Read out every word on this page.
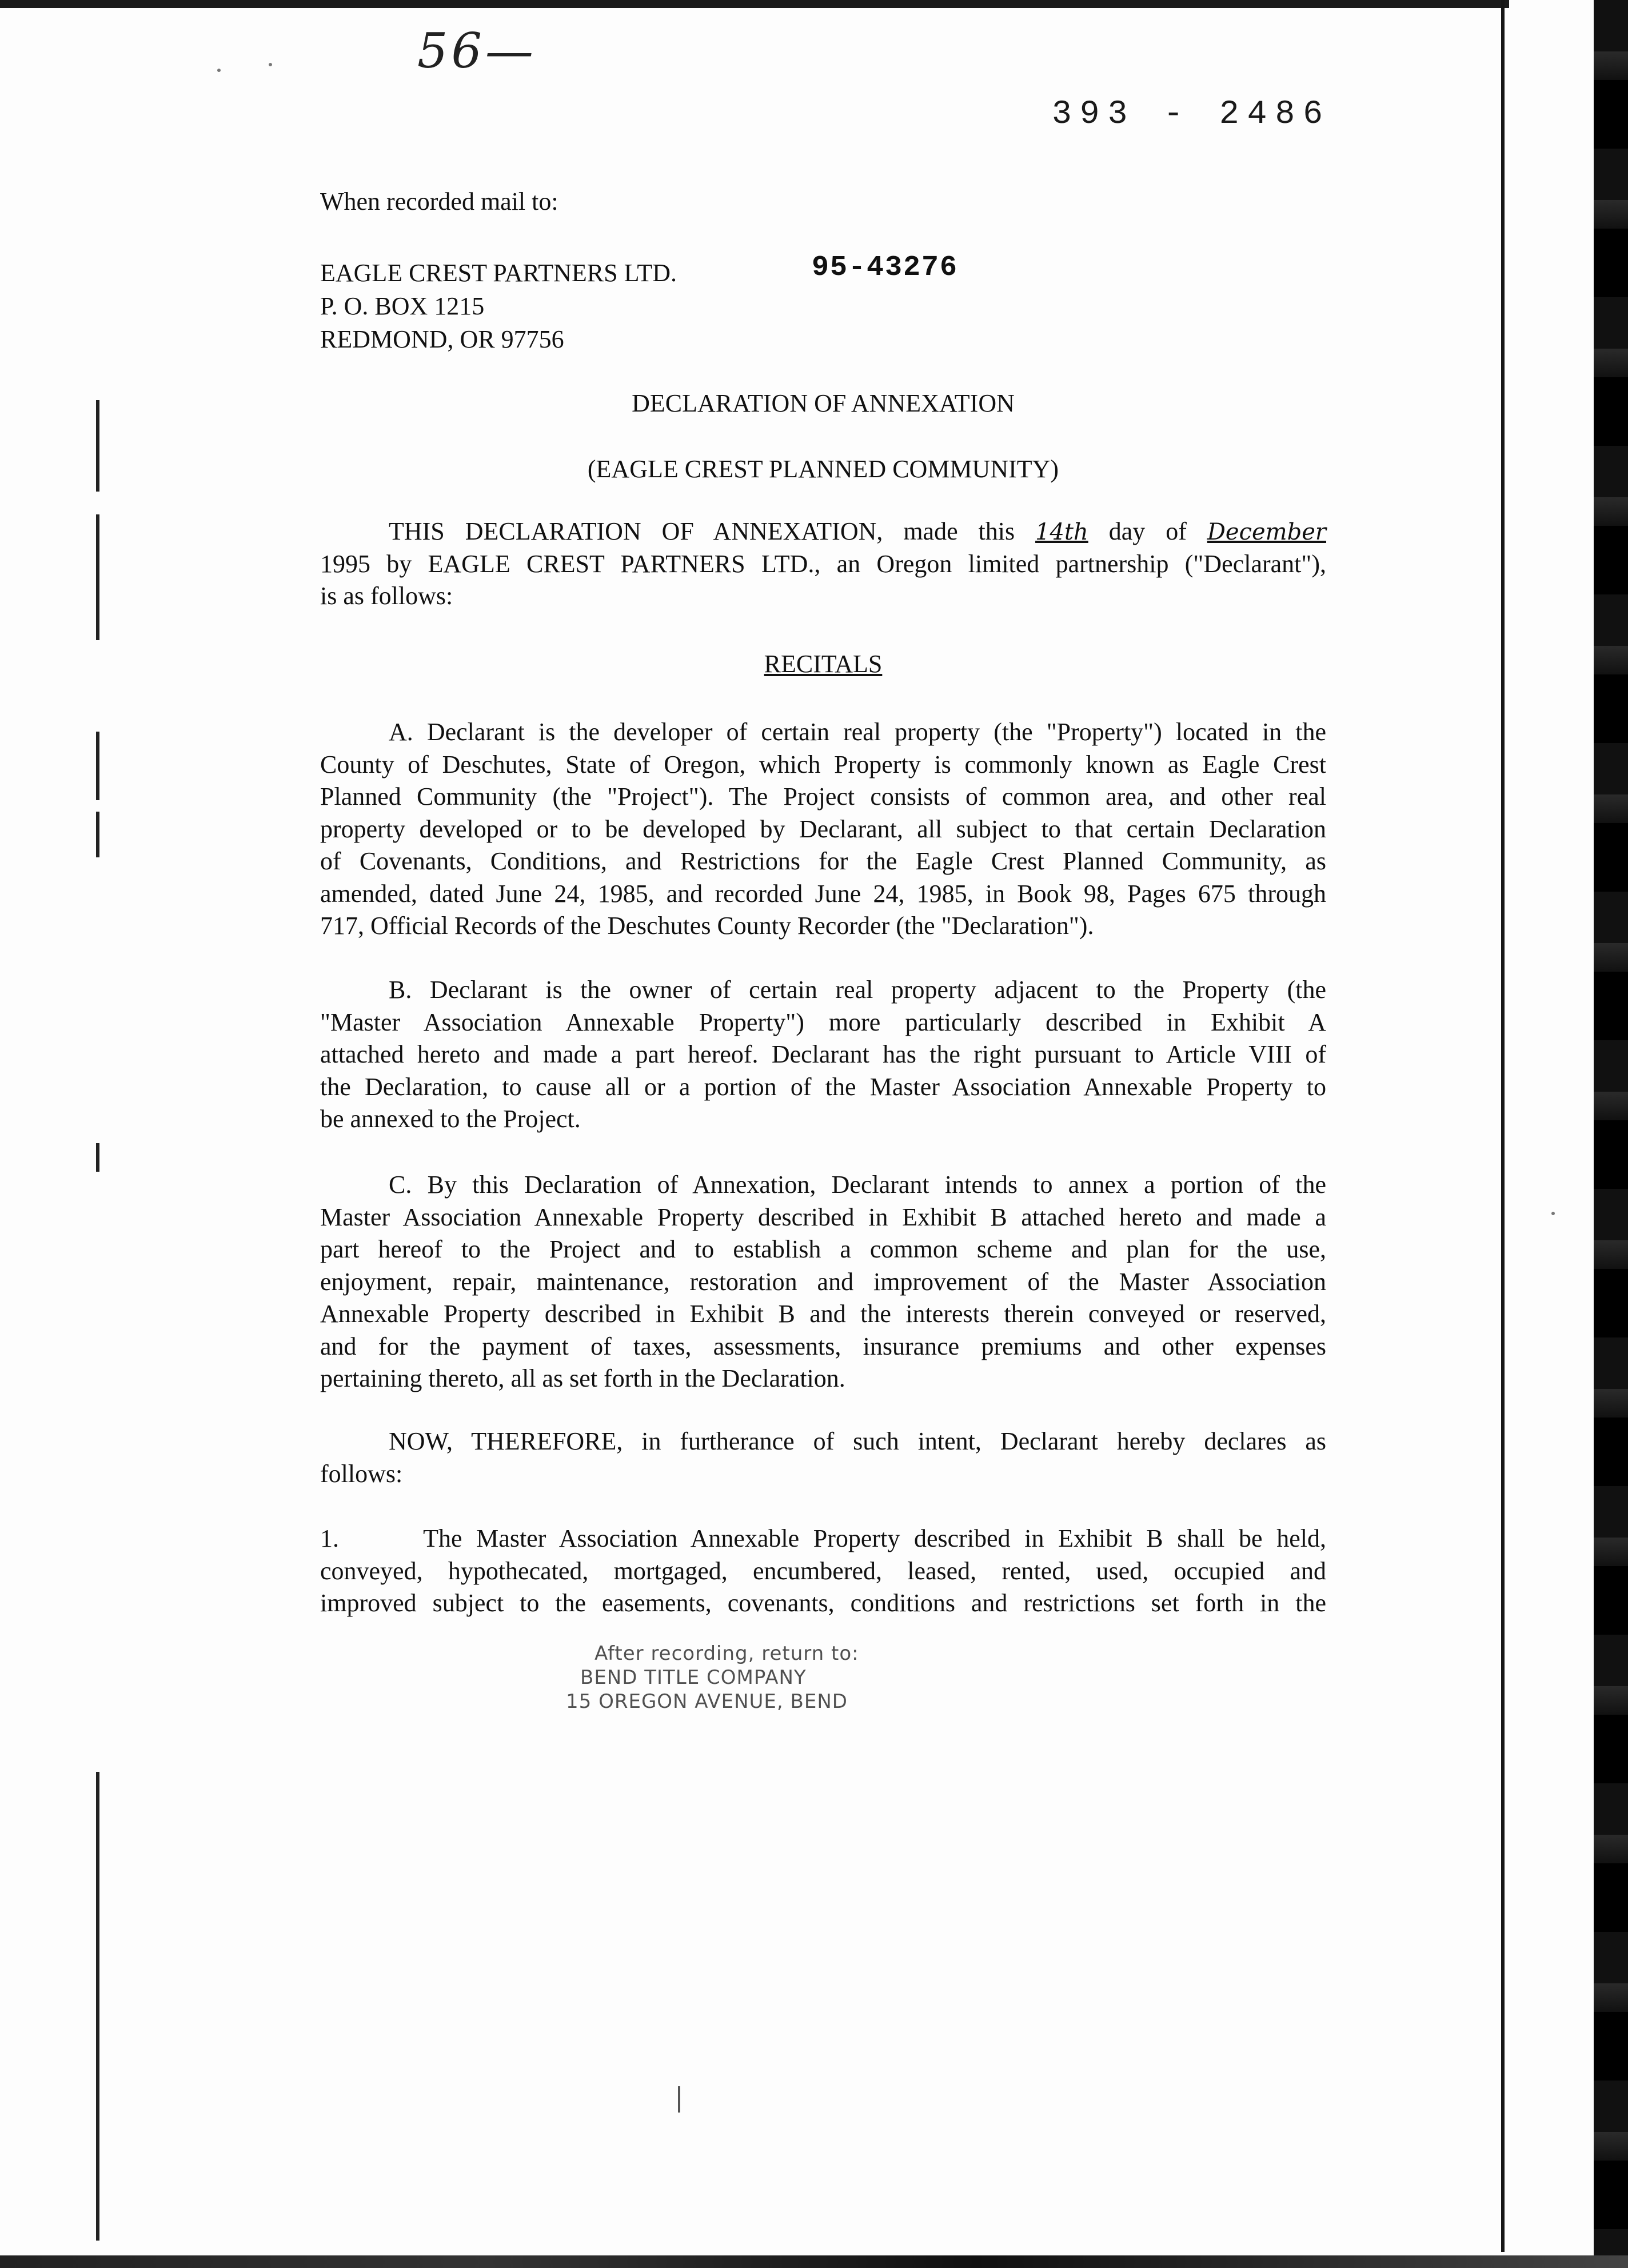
56—
393 - 2486
When recorded mail to:
EAGLE CREST PARTNERS LTD.
P. O. BOX 1215
REDMOND, OR 97756
95-43276
DECLARATION OF ANNEXATION
(EAGLE CREST PLANNED COMMUNITY)
THIS DECLARATION OF ANNEXATION, made this 14th day of December
1995 by EAGLE CREST PARTNERS LTD., an Oregon limited partnership ("Declarant"),
is as follows:
RECITALS
A. Declarant is the developer of certain real property (the "Property") located in the
County of Deschutes, State of Oregon, which Property is commonly known as Eagle Crest
Planned Community (the "Project"). The Project consists of common area, and other real
property developed or to be developed by Declarant, all subject to that certain Declaration
of Covenants, Conditions, and Restrictions for the Eagle Crest Planned Community, as
amended, dated June 24, 1985, and recorded June 24, 1985, in Book 98, Pages 675 through
717, Official Records of the Deschutes County Recorder (the "Declaration").
B. Declarant is the owner of certain real property adjacent to the Property (the
"Master Association Annexable Property") more particularly described in Exhibit A
attached hereto and made a part hereof. Declarant has the right pursuant to Article VIII of
the Declaration, to cause all or a portion of the Master Association Annexable Property to
be annexed to the Project.
C. By this Declaration of Annexation, Declarant intends to annex a portion of the
Master Association Annexable Property described in Exhibit B attached hereto and made a
part hereof to the Project and to establish a common scheme and plan for the use,
enjoyment, repair, maintenance, restoration and improvement of the Master Association
Annexable Property described in Exhibit B and the interests therein conveyed or reserved,
and for the payment of taxes, assessments, insurance premiums and other expenses
pertaining thereto, all as set forth in the Declaration.
NOW, THEREFORE, in furtherance of such intent, Declarant hereby declares as
follows:
1.      The Master Association Annexable Property described in Exhibit B shall be held,
conveyed, hypothecated, mortgaged, encumbered, leased, rented, used, occupied and
improved subject to the easements, covenants, conditions and restrictions set forth in the
After recording, return to:
BEND TITLE COMPANY
15 OREGON AVENUE, BEND
